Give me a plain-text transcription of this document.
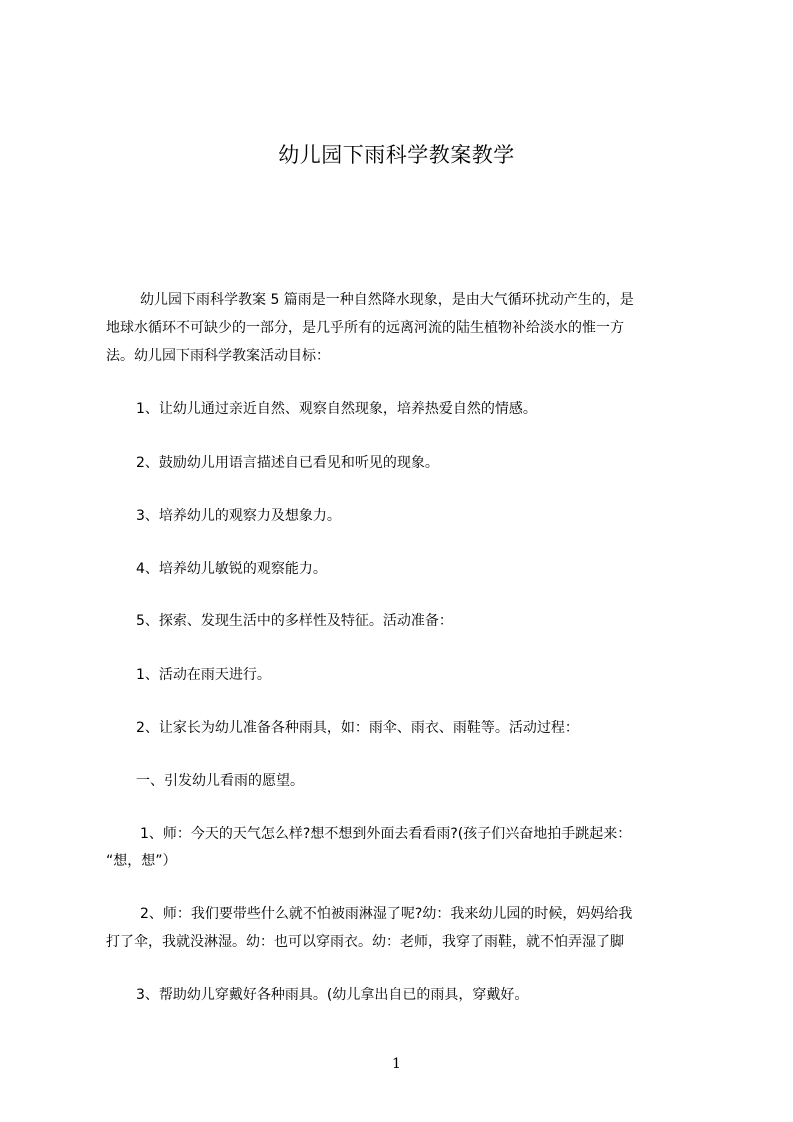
幼儿园下雨科学教案教学
幼儿园下雨科学教案 5 篇雨是一种自然降水现象，是由大气循环扰动产生的，是
地球水循环不可缺少的一部分，是几乎所有的远离河流的陆生植物补给淡水的惟一方
法。幼儿园下雨科学教案活动目标：
1、让幼儿通过亲近自然、观察自然现象，培养热爱自然的情感。
2、鼓励幼儿用语言描述自已看见和听见的现象。
3、培养幼儿的观察力及想象力。
4、培养幼儿敏锐的观察能力。
5、探索、发现生活中的多样性及特征。活动准备：
1、活动在雨天进行。
2、让家长为幼儿准备各种雨具，如：雨伞、雨衣、雨鞋等。活动过程：
一、引发幼儿看雨的愿望。
1、师：今天的天气怎么样?想不想到外面去看看雨?(孩子们兴奋地拍手跳起来：
“想，想”）
2、师：我们要带些什么就不怕被雨淋湿了呢?幼：我来幼儿园的时候，妈妈给我
打了伞，我就没淋湿。幼：也可以穿雨衣。幼：老师，我穿了雨鞋，就不怕弄湿了脚
3、帮助幼儿穿戴好各种雨具。(幼儿拿出自已的雨具，穿戴好。
1
